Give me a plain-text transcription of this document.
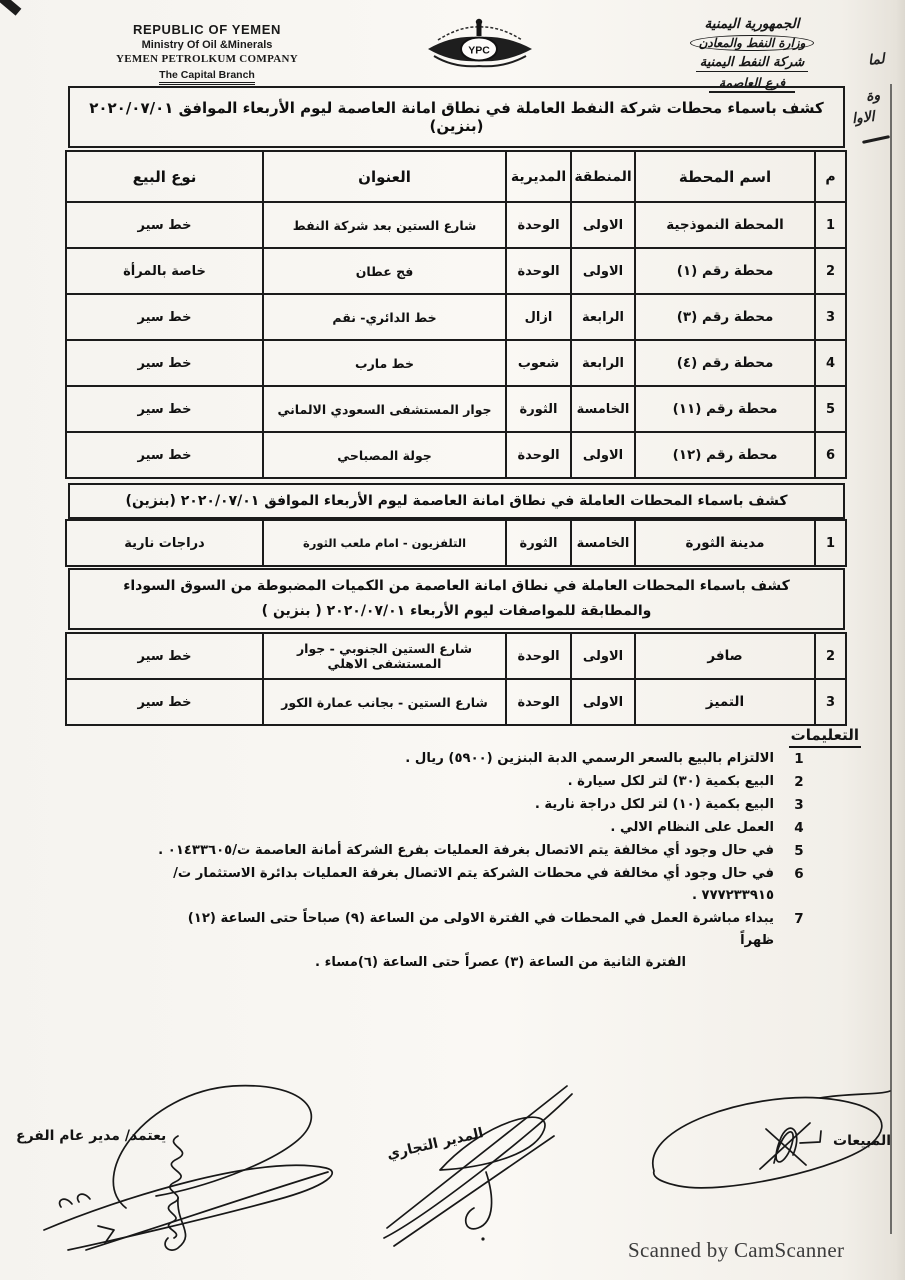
لما
وة
الاوا
REPUBLIC OF YEMEN
Ministry Of Oil &Minerals
YEMEN PETROLKUM COMPANY
The Capital Branch
YPC
الجمهورية اليمنية
وزارة النفط والمعادن
شركة النفط اليمنية
فرع العاصمة
كشف باسماء محطات شركة النفط العاملة في نطاق امانة العاصمة ليوم الأربعاء الموافق ٢٠٢٠/٠٧/٠١ (بنزين)
م
اسم المحطة
المنطقة
المديرية
العنوان
نوع البيع
1
المحطة النموذجية
الاولى
الوحدة
شارع الستين بعد شركة النفط
خط سير
2
محطة رقم (١)
الاولى
الوحدة
فج عطان
خاصة بالمرأة
3
محطة رقم (٣)
الرابعة
ازال
خط الدائري- نقم
خط سير
4
محطة رقم (٤)
الرابعة
شعوب
خط مارب
خط سير
5
محطة رقم (١١)
الخامسة
الثورة
جوار المستشفى السعودي الالماني
خط سير
6
محطة رقم (١٢)
الاولى
الوحدة
جولة المصباحي
خط سير
كشف باسماء المحطات العاملة في نطاق امانة العاصمة ليوم الأربعاء الموافق ٢٠٢٠/٠٧/٠١ (بنزين)
1
مدينة الثورة
الخامسة
الثورة
التلفزيون - امام ملعب الثورة
دراجات نارية
كشف باسماء المحطات العاملة في نطاق امانة العاصمة من الكميات المضبوطة من السوق السوداء
والمطابقة للمواصفات ليوم الأربعاء ٢٠٢٠/٠٧/٠١ ( بنزين )
2
صافر
الاولى
الوحدة
شارع الستين الجنوبي - جوار المستشفى الاهلي
خط سير
3
التميز
الاولى
الوحدة
شارع الستين - بجانب عمارة الكور
خط سير
التعليمات
1
الالتزام بالبيع بالسعر الرسمي الدبة البنزين (٥٩٠٠) ريال .
2
البيع بكمية (٣٠) لتر لكل سيارة .
3
البيع بكمية (١٠) لتر لكل دراجة نارية .
4
العمل على النظام الالي .
5
في حال وجود أي مخالفة يتم الاتصال بغرفة العمليات بفرع الشركة أمانة العاصمة ت/٠١٤٣٣٦٠٥ .
6
في حال وجود أي مخالفة في محطات الشركة يتم الاتصال بغرفة العمليات بدائرة الاستثمار ت/٧٧٧٢٣٣٩١٥ .
7
يبداء مباشرة العمل في المحطات في الفترة الاولى من الساعة (٩) صباحاً حتى الساعة (١٢) ظهراً
الفترة الثانية من الساعة (٣) عصراً حتى الساعة (٦)مساء .
يعتمد/ مدير عام الفرع	المدير التجاري	المبيعات
Scanned by CamScanner
